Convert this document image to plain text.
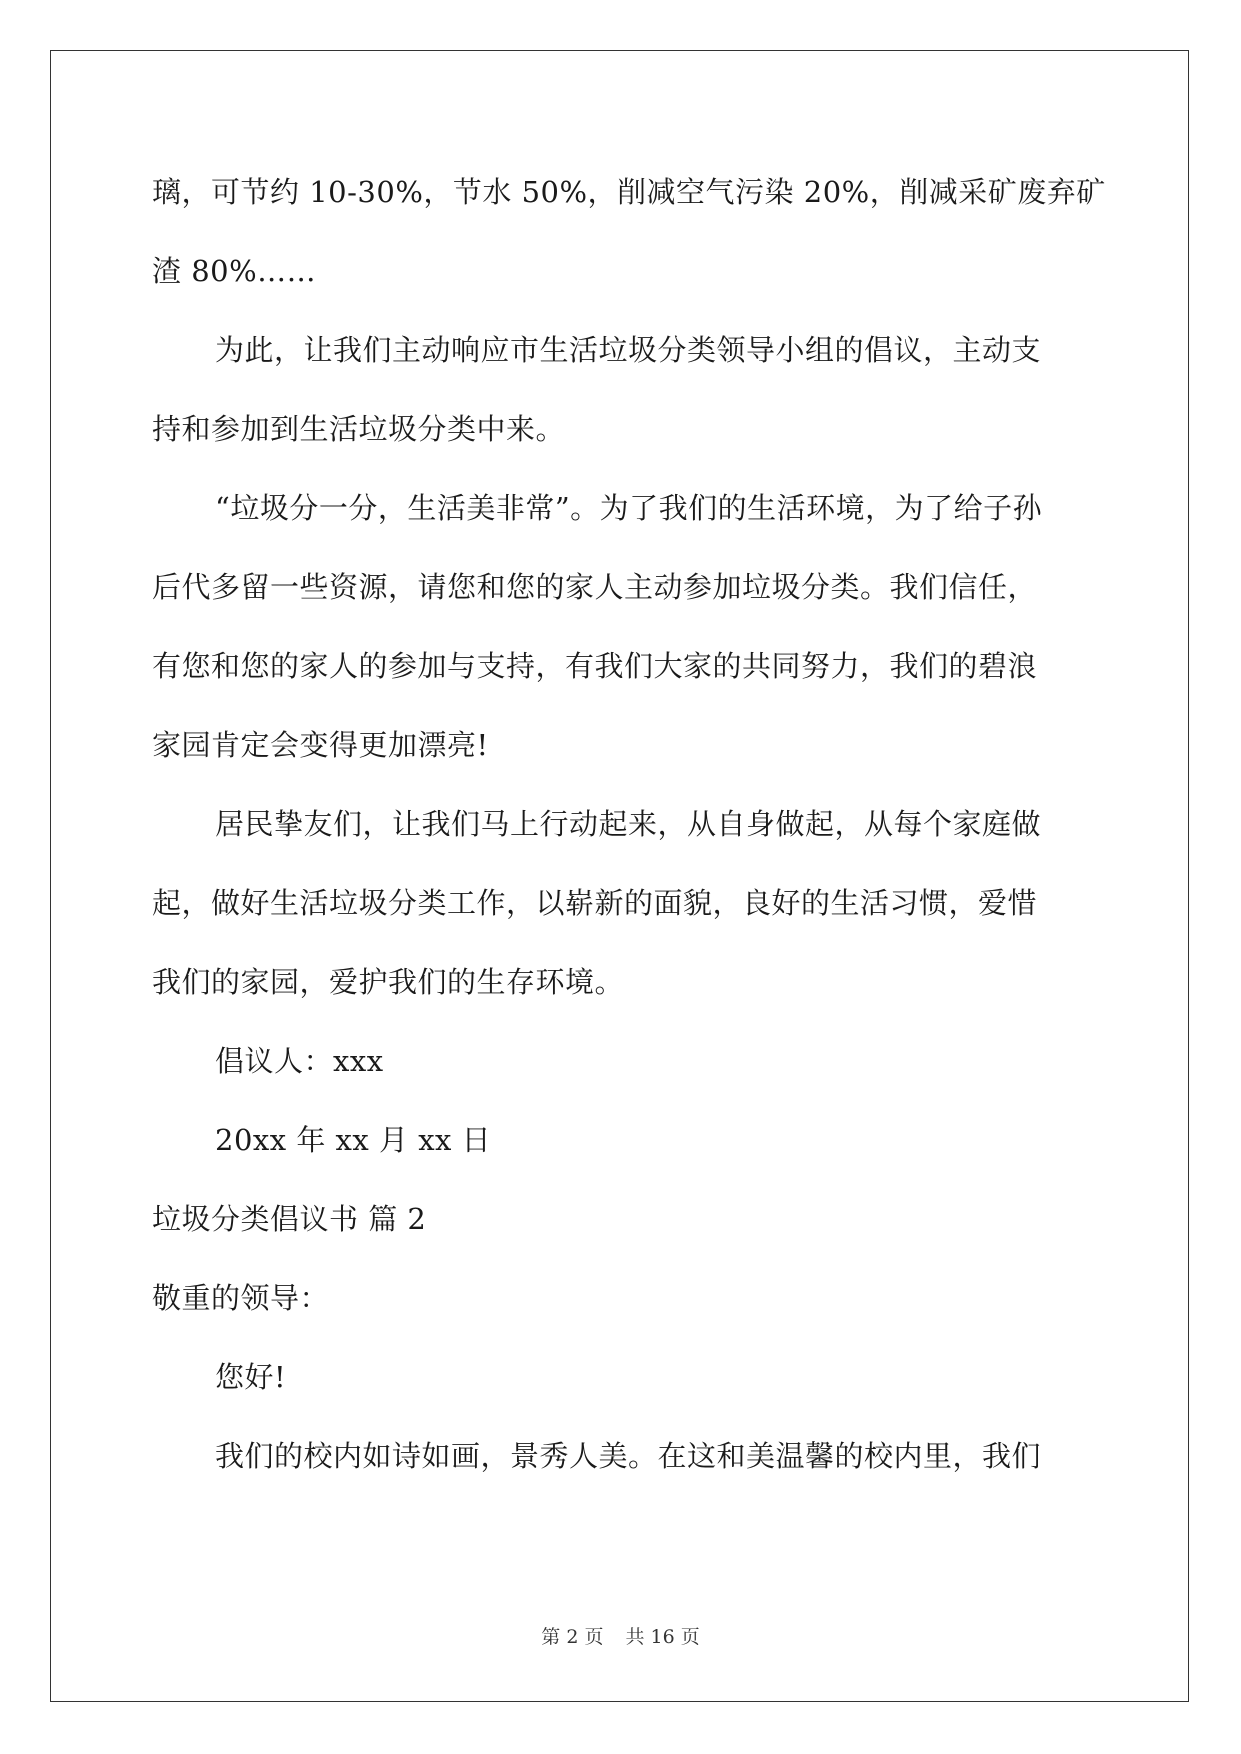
璃，可节约 10-30%，节水 50%，削减空气污染 20%，削减采矿废弃矿
渣 80%……
为此，让我们主动响应市生活垃圾分类领导小组的倡议，主动支
持和参加到生活垃圾分类中来。
“垃圾分一分，生活美非常”。为了我们的生活环境，为了给子孙
后代多留一些资源，请您和您的家人主动参加垃圾分类。我们信任，
有您和您的家人的参加与支持，有我们大家的共同努力，我们的碧浪
家园肯定会变得更加漂亮!
居民挚友们，让我们马上行动起来，从自身做起，从每个家庭做
起，做好生活垃圾分类工作，以崭新的面貌，良好的生活习惯，爱惜
我们的家园，爱护我们的生存环境。
倡议人：xxx
20xx 年 xx 月 xx 日
垃圾分类倡议书 篇 2
敬重的领导：
您好!
我们的校内如诗如画，景秀人美。在这和美温馨的校内里，我们
第 2 页 共 16 页
